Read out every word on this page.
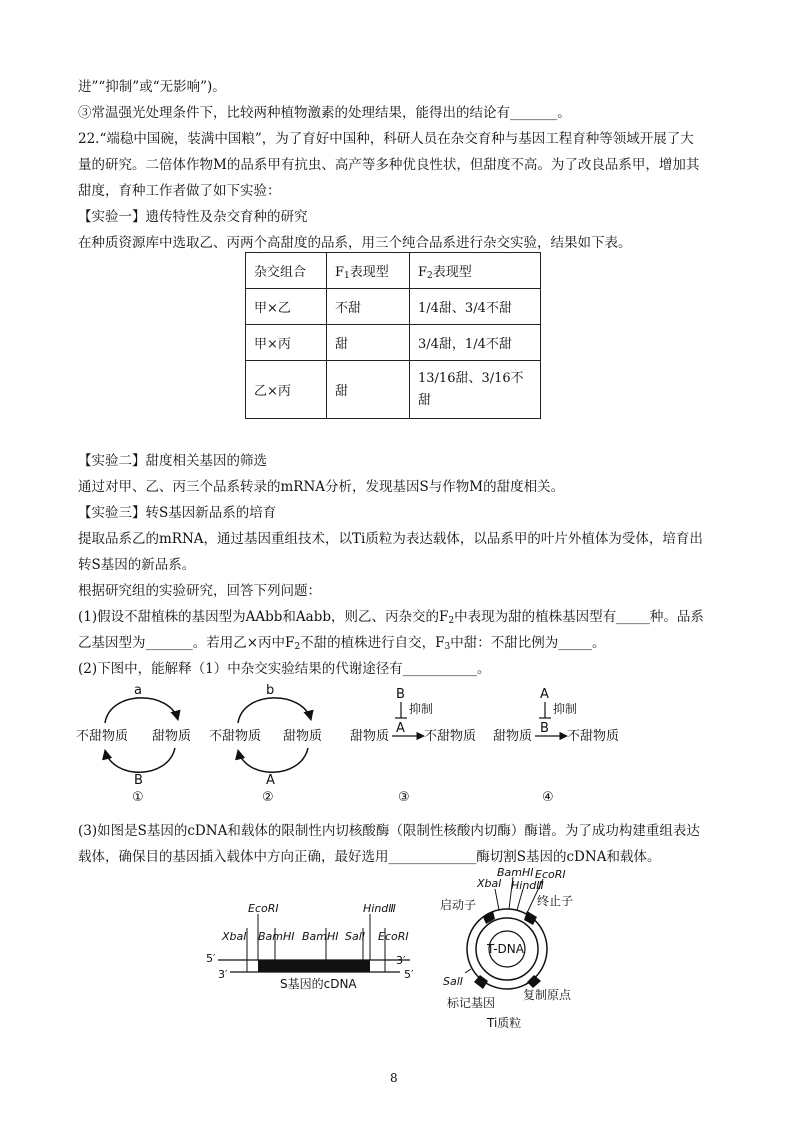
进”“抑制”或“无影响”)。
③常温强光处理条件下，比较两种植物激素的处理结果，能得出的结论有_______。
22.“端稳中国碗，装满中国粮”，为了育好中国种，科研人员在杂交育种与基因工程育种等领域开展了大
量的研究。二倍体作物M的品系甲有抗虫、高产等多种优良性状，但甜度不高。为了改良品系甲，增加其
甜度，育种工作者做了如下实验：
【实验一】遗传特性及杂交育种的研究
在种质资源库中选取乙、丙两个高甜度的品系，用三个纯合品系进行杂交实验，结果如下表。
杂交组合	F1表现型	F2表现型
甲×乙	不甜	1/4甜、3/4不甜
甲×丙	甜	3/4甜，1/4不甜
乙×丙	甜	13/16甜、3/16不甜
【实验二】甜度相关基因的筛选
通过对甲、乙、丙三个品系转录的mRNA分析，发现基因S与作物M的甜度相关。
【实验三】转S基因新品系的培育
提取品系乙的mRNA，通过基因重组技术，以Ti质粒为表达载体，以品系甲的叶片外植体为受体，培育出
转S基因的新品系。
根据研究组的实验研究，回答下列问题：
(1)假设不甜植株的基因型为AAbb和Aabb，则乙、丙杂交的F2中表现为甜的植株基因型有_____种。品系
乙基因型为_______。若用乙×丙中F2不甜的植株进行自交，F3中甜：不甜比例为_____。
(2)下图中，能解释（1）中杂交实验结果的代谢途径有___________。
a
B
不甜物质 甜物质
①
b
A
不甜物质 甜物质
②
甜物质	不甜物质
A
B
抑制
③
甜物质	不甜物质
B
A
抑制
④
(3)如图是S基因的cDNA和载体的限制性内切核酸酶（限制性核酸内切酶）酶谱。为了成功构建重组表达
载体，确保目的基因插入载体中方向正确，最好选用_____________酶切割S基因的cDNA和载体。
5′
3′
3′
5′
EcoRⅠ
XbaⅠ BamHⅠ BamHⅠ
HindⅢ
SalⅠ EcoRⅠ
S基因的cDNA
T-DNA
BamHⅠ EcoRⅠ
XbaⅠ HindⅢ
启动子	终止子
SalⅠ
标记基因
复制原点
Ti质粒
8
